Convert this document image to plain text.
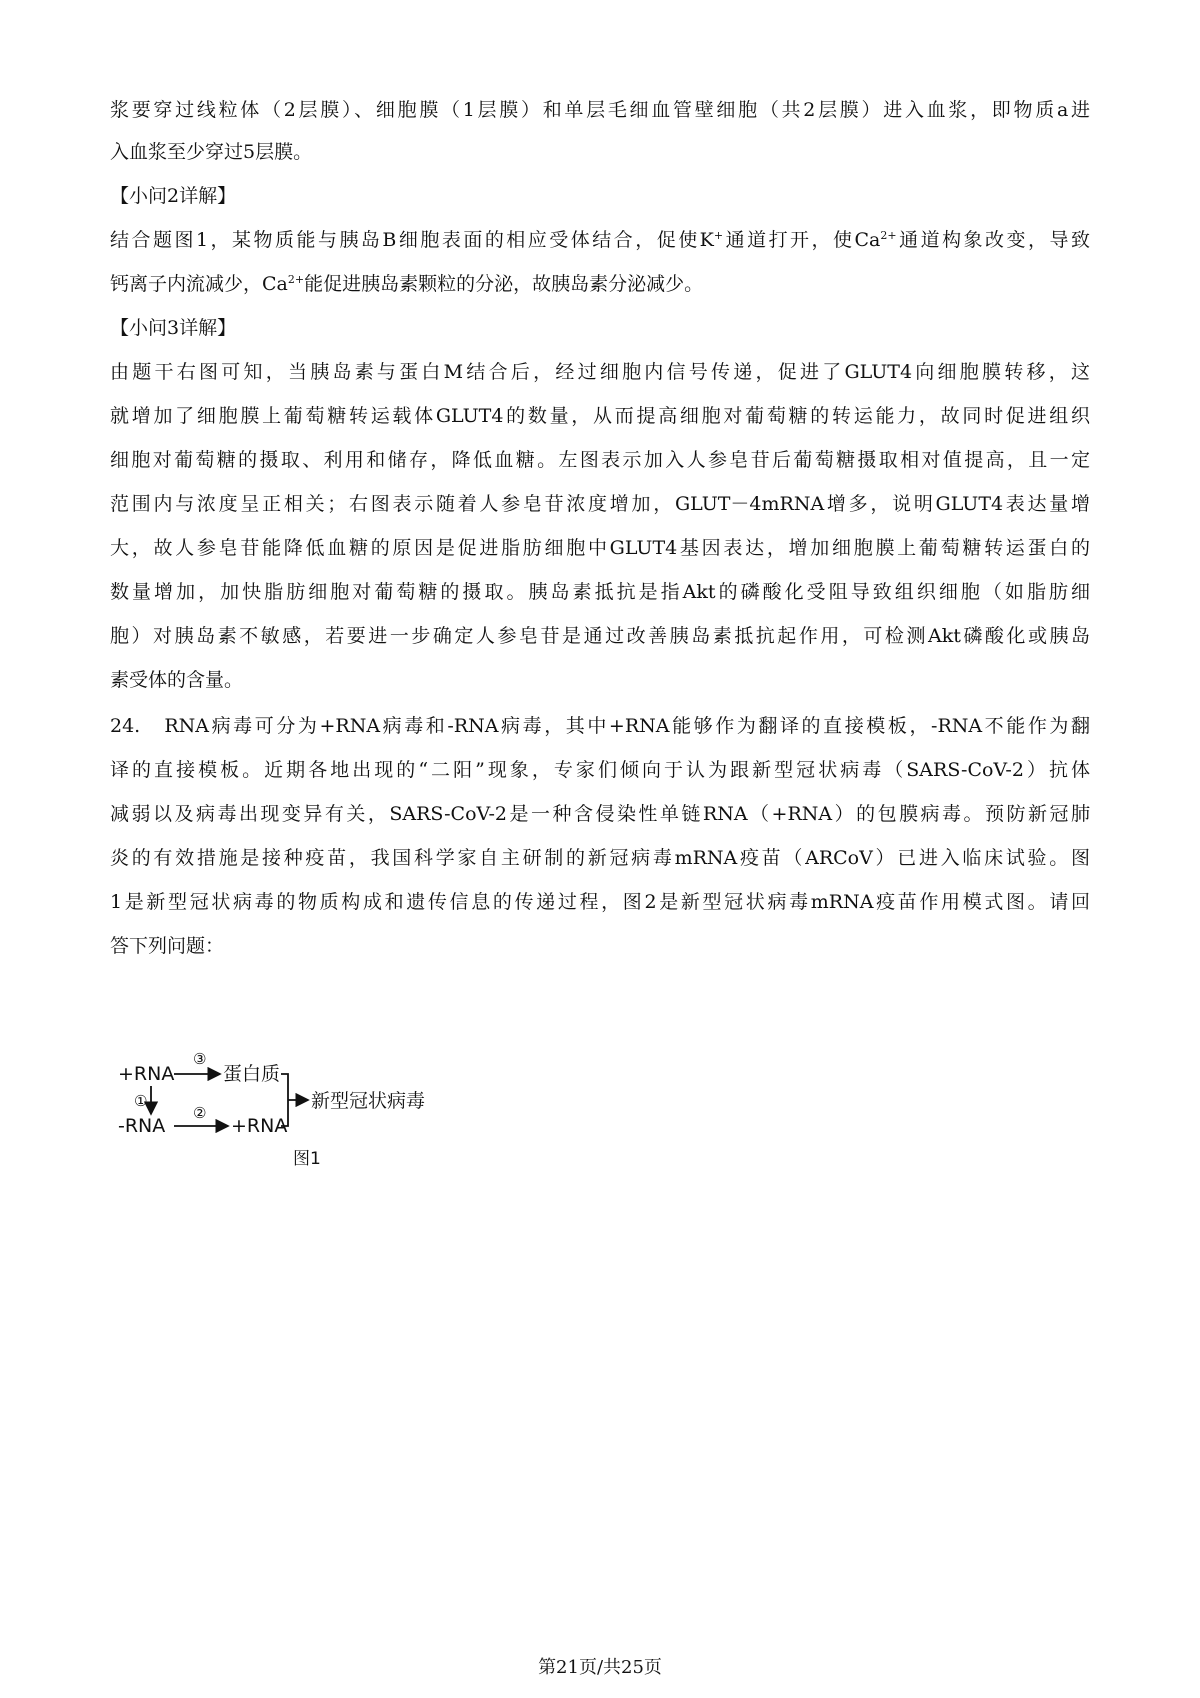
浆要穿过线粒体（2层膜）、细胞膜（1层膜）和单层毛细血管壁细胞（共2层膜）进入血浆，即物质a进
入血浆至少穿过5层膜。
【小问2详解】
结合题图1，某物质能与胰岛B细胞表面的相应受体结合，促使K+通道打开，使$Ca^{2+}$通道构象改变，导致
钙离子内流减少，$Ca^{2+}$能促进胰岛素颗粒的分泌，故胰岛素分泌减少。
【小问3详解】
由题干右图可知，当胰岛素与蛋白M结合后，经过细胞内信号传递，促进了GLUT4向细胞膜转移，这
就增加了细胞膜上葡萄糖转运载体GLUT4的数量，从而提高细胞对葡萄糖的转运能力，故同时促进组织
细胞对葡萄糖的摄取、利用和储存，降低血糖。左图表示加入人参皂苷后葡萄糖摄取相对值提高，且一定
范围内与浓度呈正相关；右图表示随着人参皂苷浓度增加，GLUT－4mRNA增多，说明GLUT4表达量增
大，故人参皂苷能降低血糖的原因是促进脂肪细胞中GLUT4基因表达，增加细胞膜上葡萄糖转运蛋白的
数量增加，加快脂肪细胞对葡萄糖的摄取。胰岛素抵抗是指Akt的磷酸化受阻导致组织细胞（如脂肪细
胞）对胰岛素不敏感，若要进一步确定人参皂苷是通过改善胰岛素抵抗起作用，可检测Akt磷酸化或胰岛
素受体的含量。
24.　RNA病毒可分为+RNA病毒和-RNA病毒，其中+RNA能够作为翻译的直接模板，-RNA不能作为翻
译的直接模板。近期各地出现的“二阳”现象，专家们倾向于认为跟新型冠状病毒（SARS-CoV-2）抗体
减弱以及病毒出现变异有关，SARS-CoV-2是一种含侵染性单链RNA（+RNA）的包膜病毒。预防新冠肺
炎的有效措施是接种疫苗，我国科学家自主研制的新冠病毒mRNA疫苗（ARCoV）已进入临床试验。图
1是新型冠状病毒的物质构成和遗传信息的传递过程，图2是新型冠状病毒mRNA疫苗作用模式图。请回
答下列问题：
+RNA
-RNA	+RNA
蛋白质
新型冠状病毒
③
①
②
图1
第21页/共25页
